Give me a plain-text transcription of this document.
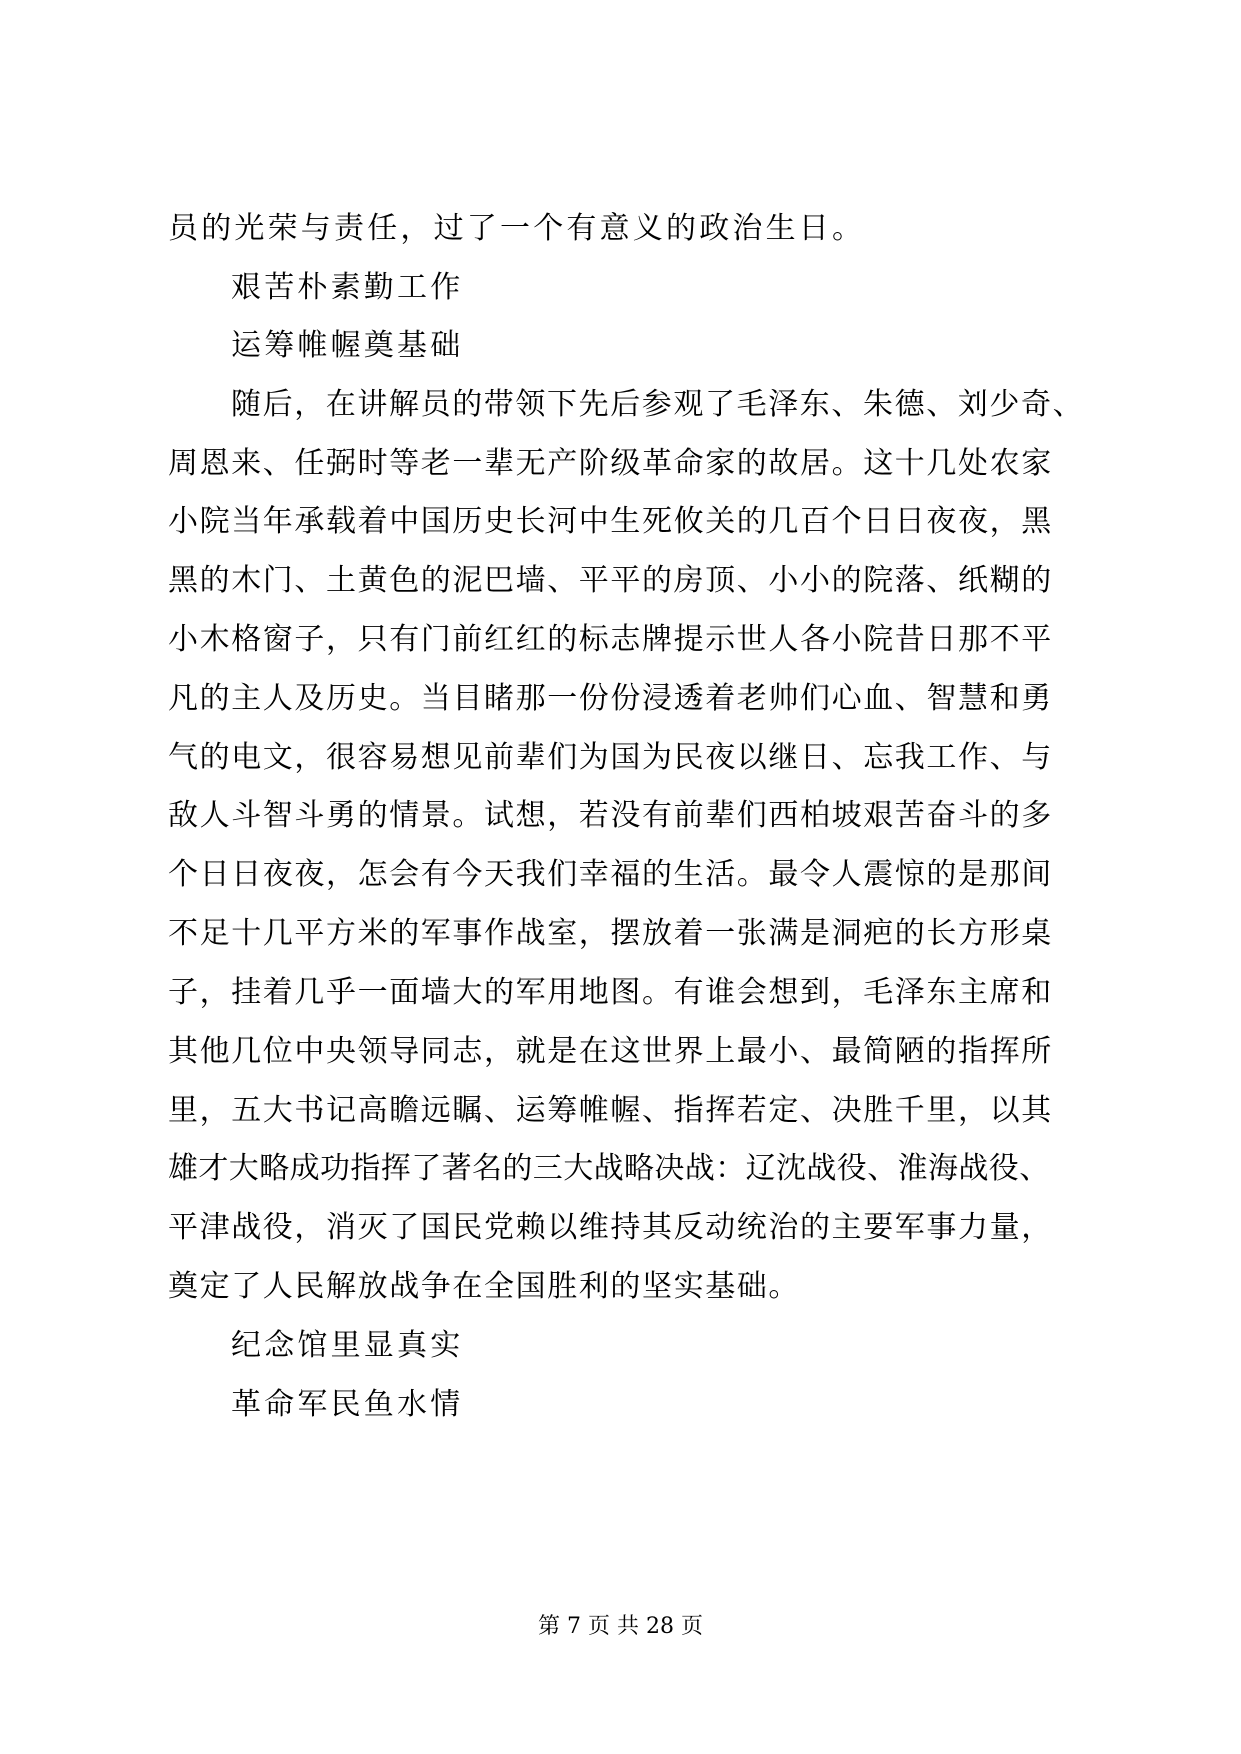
员的光荣与责任，过了一个有意义的政治生日。
艰苦朴素勤工作
运筹帷幄奠基础
随后，在讲解员的带领下先后参观了毛泽东、朱德、刘少奇、
周恩来、任弼时等老一辈无产阶级革命家的故居。这十几处农家
小院当年承载着中国历史长河中生死攸关的几百个日日夜夜，黑
黑的木门、土黄色的泥巴墙、平平的房顶、小小的院落、纸糊的
小木格窗子，只有门前红红的标志牌提示世人各小院昔日那不平
凡的主人及历史。当目睹那一份份浸透着老帅们心血、智慧和勇
气的电文，很容易想见前辈们为国为民夜以继日、忘我工作、与
敌人斗智斗勇的情景。试想，若没有前辈们西柏坡艰苦奋斗的多
个日日夜夜，怎会有今天我们幸福的生活。最令人震惊的是那间
不足十几平方米的军事作战室，摆放着一张满是洞疤的长方形桌
子，挂着几乎一面墙大的军用地图。有谁会想到，毛泽东主席和
其他几位中央领导同志，就是在这世界上最小、最简陋的指挥所
里，五大书记高瞻远瞩、运筹帷幄、指挥若定、决胜千里，以其
雄才大略成功指挥了著名的三大战略决战：辽沈战役、淮海战役、
平津战役，消灭了国民党赖以维持其反动统治的主要军事力量，
奠定了人民解放战争在全国胜利的坚实基础。
纪念馆里显真实
革命军民鱼水情
第 7 页 共 28 页
